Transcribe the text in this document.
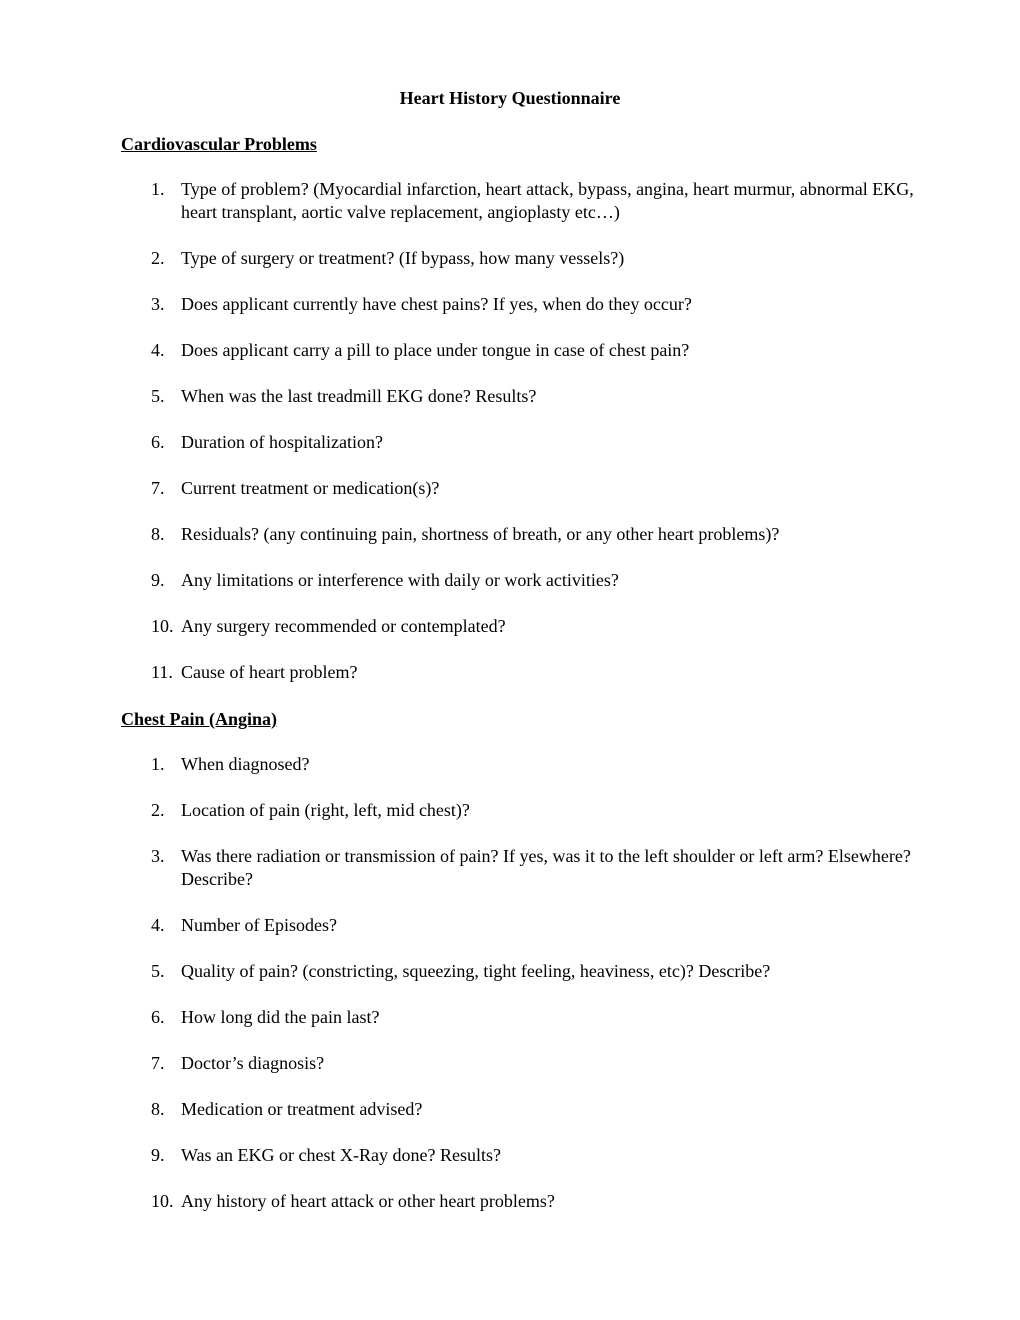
Heart History Questionnaire
Cardiovascular Problems
1. Type of problem? (Myocardial infarction, heart attack, bypass, angina, heart murmur, abnormal EKG, heart transplant, aortic valve replacement, angioplasty etc…)
2. Type of surgery or treatment? (If bypass, how many vessels?)
3. Does applicant currently have chest pains? If yes, when do they occur?
4. Does applicant carry a pill to place under tongue in case of chest pain?
5. When was the last treadmill EKG done? Results?
6. Duration of hospitalization?
7. Current treatment or medication(s)?
8. Residuals? (any continuing pain, shortness of breath, or any other heart problems)?
9. Any limitations or interference with daily or work activities?
10. Any surgery recommended or contemplated?
11. Cause of heart problem?
Chest Pain (Angina)
1. When diagnosed?
2. Location of pain (right, left, mid chest)?
3. Was there radiation or transmission of pain? If yes, was it to the left shoulder or left arm? Elsewhere? Describe?
4. Number of Episodes?
5. Quality of pain? (constricting, squeezing, tight feeling, heaviness, etc)? Describe?
6. How long did the pain last?
7. Doctor’s diagnosis?
8. Medication or treatment advised?
9. Was an EKG or chest X-Ray done? Results?
10. Any history of heart attack or other heart problems?
